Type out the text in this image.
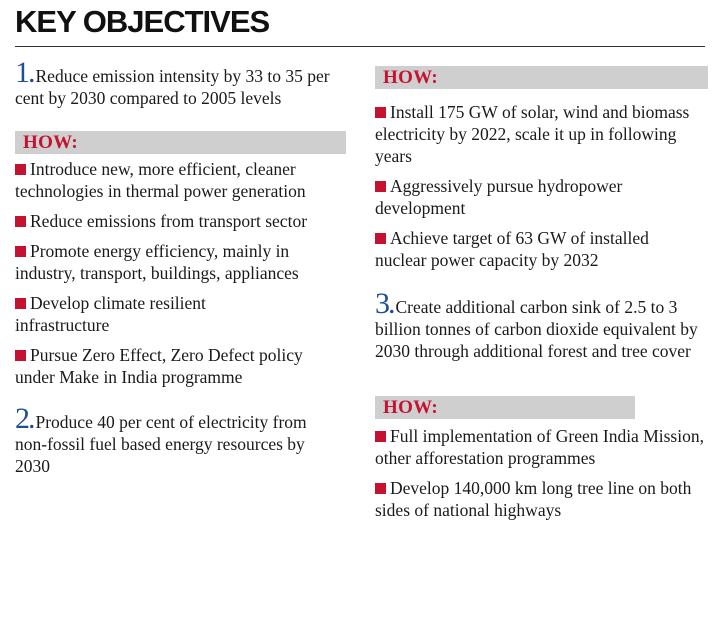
KEY OBJECTIVES
1. Reduce emission intensity by 33 to 35 per cent by 2030 compared to 2005 levels
HOW:
Introduce new, more efficient, cleaner technologies in thermal power generation
Reduce emissions from transport sector
Promote energy efficiency, mainly in industry, transport, buildings, appliances
Develop climate resilient infrastructure
Pursue Zero Effect, Zero Defect policy under Make in India programme
2. Produce 40 per cent of electricity from non-fossil fuel based energy resources by 2030
HOW:
Install 175 GW of solar, wind and biomass electricity by 2022, scale it up in following years
Aggressively pursue hydropower development
Achieve target of 63 GW of installed nuclear power capacity by 2032
3. Create additional carbon sink of 2.5 to 3 billion tonnes of carbon dioxide equivalent by 2030 through additional forest and tree cover
HOW:
Full implementation of Green India Mission, other afforestation programmes
Develop 140,000 km long tree line on both sides of national highways
